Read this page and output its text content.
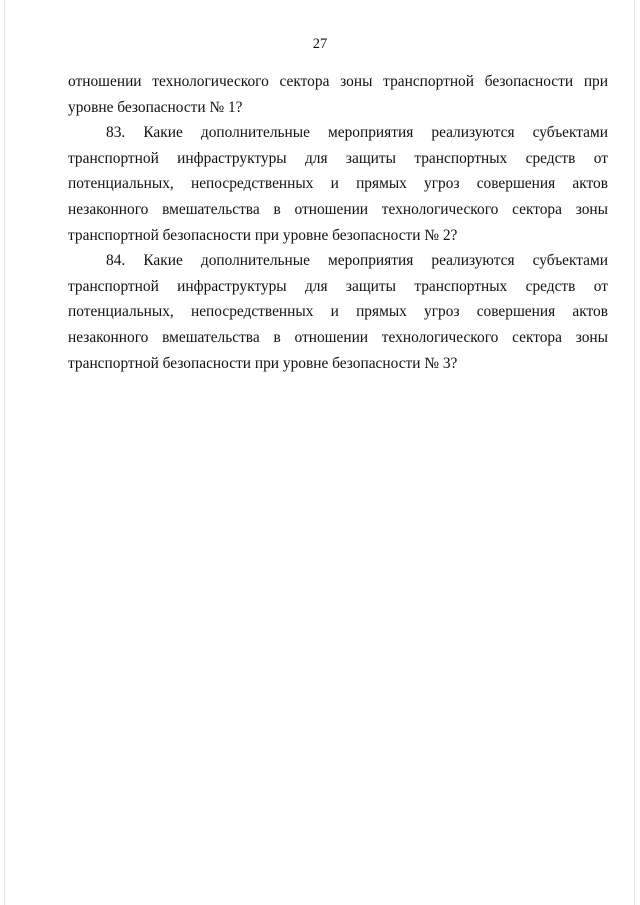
27

отношении технологического сектора зоны транспортной безопасности при уровне безопасности № 1?

83. Какие дополнительные мероприятия реализуются субъектами транспортной инфраструктуры для защиты транспортных средств от потенциальных, непосредственных и прямых угроз совершения актов незаконного вмешательства в отношении технологического сектора зоны транспортной безопасности при уровне безопасности № 2?

84. Какие дополнительные мероприятия реализуются субъектами транспортной инфраструктуры для защиты транспортных средств от потенциальных, непосредственных и прямых угроз совершения актов незаконного вмешательства в отношении технологического сектора зоны транспортной безопасности при уровне безопасности № 3?
